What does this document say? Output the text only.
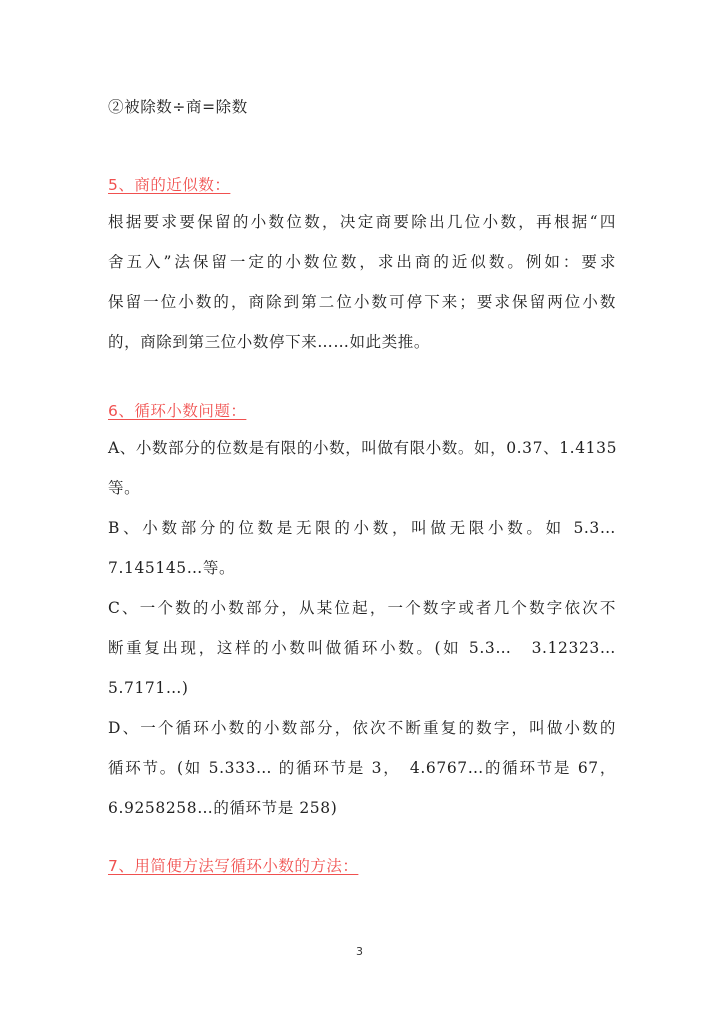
②被除数÷商=除数
5、商的近似数：
根据要求要保留的小数位数，决定商要除出几位小数，再根据“四
舍五入”法保留一定的小数位数，求出商的近似数。例如：要求
保留一位小数的，商除到第二位小数可停下来；要求保留两位小数
的，商除到第三位小数停下来……如此类推。
6、循环小数问题：
A、小数部分的位数是有限的小数，叫做有限小数。如，0.37、1.4135
等。
B、小数部分的位数是无限的小数，叫做无限小数。如 5.3…
7.145145…等。
C、一个数的小数部分，从某位起，一个数字或者几个数字依次不
断重复出现，这样的小数叫做循环小数。(如 5.3…　3.12323…
5.7171…)
D、一个循环小数的小数部分，依次不断重复的数字，叫做小数的
循环节。(如 5.333… 的循环节是 3，　4.6767…的循环节是 67，
6.9258258…的循环节是 258)
7、用简便方法写循环小数的方法：
3
